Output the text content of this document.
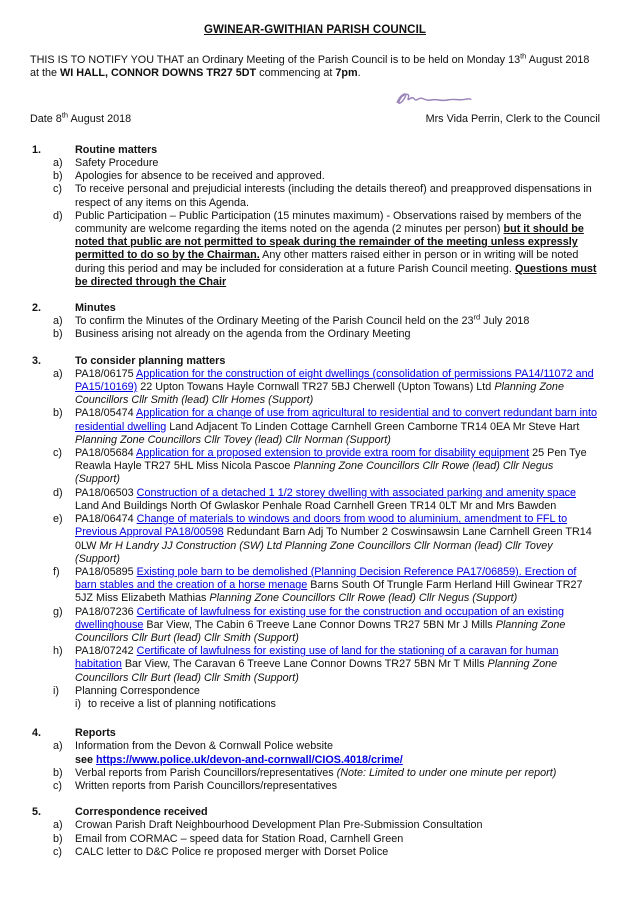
GWINEAR-GWITHIAN PARISH COUNCIL
THIS IS TO NOTIFY YOU THAT an Ordinary Meeting of the Parish Council is to be held on Monday 13th August 2018 at the WI HALL, CONNOR DOWNS TR27 5DT commencing at 7pm.
Date 8th August 2018	Mrs Vida Perrin, Clerk to the Council
1.	Routine matters
a)	Safety Procedure
b)	Apologies for absence to be received and approved.
c)	To receive personal and prejudicial interests (including the details thereof) and preapproved dispensations in respect of any items on this Agenda.
d)	Public Participation – Public Participation (15 minutes maximum) - Observations raised by members of the community are welcome regarding the items noted on the agenda (2 minutes per person) but it should be noted that public are not permitted to speak during the remainder of the meeting unless expressly permitted to do so by the Chairman. Any other matters raised either in person or in writing will be noted during this period and may be included for consideration at a future Parish Council meeting. Questions must be directed through the Chair
2.	Minutes
a)	To confirm the Minutes of the Ordinary Meeting of the Parish Council held on the 23rd July 2018
b)	Business arising not already on the agenda from the Ordinary Meeting
3.	To consider planning matters
a)	PA18/06175 Application for the construction of eight dwellings (consolidation of permissions PA14/11072 and PA15/10169) 22 Upton Towans Hayle Cornwall TR27 5BJ Cherwell (Upton Towans) Ltd Planning Zone Councillors Cllr Smith (lead) Cllr Homes (Support)
b)	PA18/05474 Application for a change of use from agricultural to residential and to convert redundant barn into residential dwelling Land Adjacent To Linden Cottage Carnhell Green Camborne TR14 0EA Mr Steve Hart Planning Zone Councillors Cllr Tovey (lead) Cllr Norman (Support)
c)	PA18/05684 Application for a proposed extension to provide extra room for disability equipment 25 Pen Tye Reawla Hayle TR27 5HL Miss Nicola Pascoe Planning Zone Councillors Cllr Rowe (lead) Cllr Negus (Support)
d)	PA18/06503 Construction of a detached 1 1/2 storey dwelling with associated parking and amenity space Land And Buildings North Of Gwlaskor Penhale Road Carnhell Green TR14 0LT Mr and Mrs Bawden
e)	PA18/06474 Change of materials to windows and doors from wood to aluminium, amendment to FFL to Previous Approval PA18/00598 Redundant Barn Adj To Number 2 Coswinsawsin Lane Carnhell Green TR14 0LW Mr H Landry JJ Construction (SW) Ltd Planning Zone Councillors Cllr Norman (lead) Cllr Tovey (Support)
f)	PA18/05895 Existing pole barn to be demolished (Planning Decision Reference PA17/06859). Erection of barn stables and the creation of a horse menage Barns South Of Trungle Farm Herland Hill Gwinear TR27 5JZ Miss Elizabeth Mathias Planning Zone Councillors Cllr Rowe (lead) Cllr Negus (Support)
g)	PA18/07236 Certificate of lawfulness for existing use for the construction and occupation of an existing dwellinghouse Bar View, The Cabin 6 Treeve Lane Connor Downs TR27 5BN Mr J Mills Planning Zone Councillors Cllr Burt (lead) Cllr Smith (Support)
h)	PA18/07242 Certificate of lawfulness for existing use of land for the stationing of a caravan for human habitation Bar View, The Caravan 6 Treeve Lane Connor Downs TR27 5BN Mr T Mills Planning Zone Councillors Cllr Burt (lead) Cllr Smith (Support)
i)	Planning Correspondence
i) to receive a list of planning notifications
4.	Reports
a)	Information from the Devon & Cornwall Police website
see https://www.police.uk/devon-and-cornwall/CIOS.4018/crime/
b)	Verbal reports from Parish Councillors/representatives (Note: Limited to under one minute per report)
c)	Written reports from Parish Councillors/representatives
5.	Correspondence received
a)	Crowan Parish Draft Neighbourhood Development Plan Pre-Submission Consultation
b)	Email from CORMAC – speed data for Station Road, Carnhell Green
c)	CALC letter to D&C Police re proposed merger with Dorset Police
